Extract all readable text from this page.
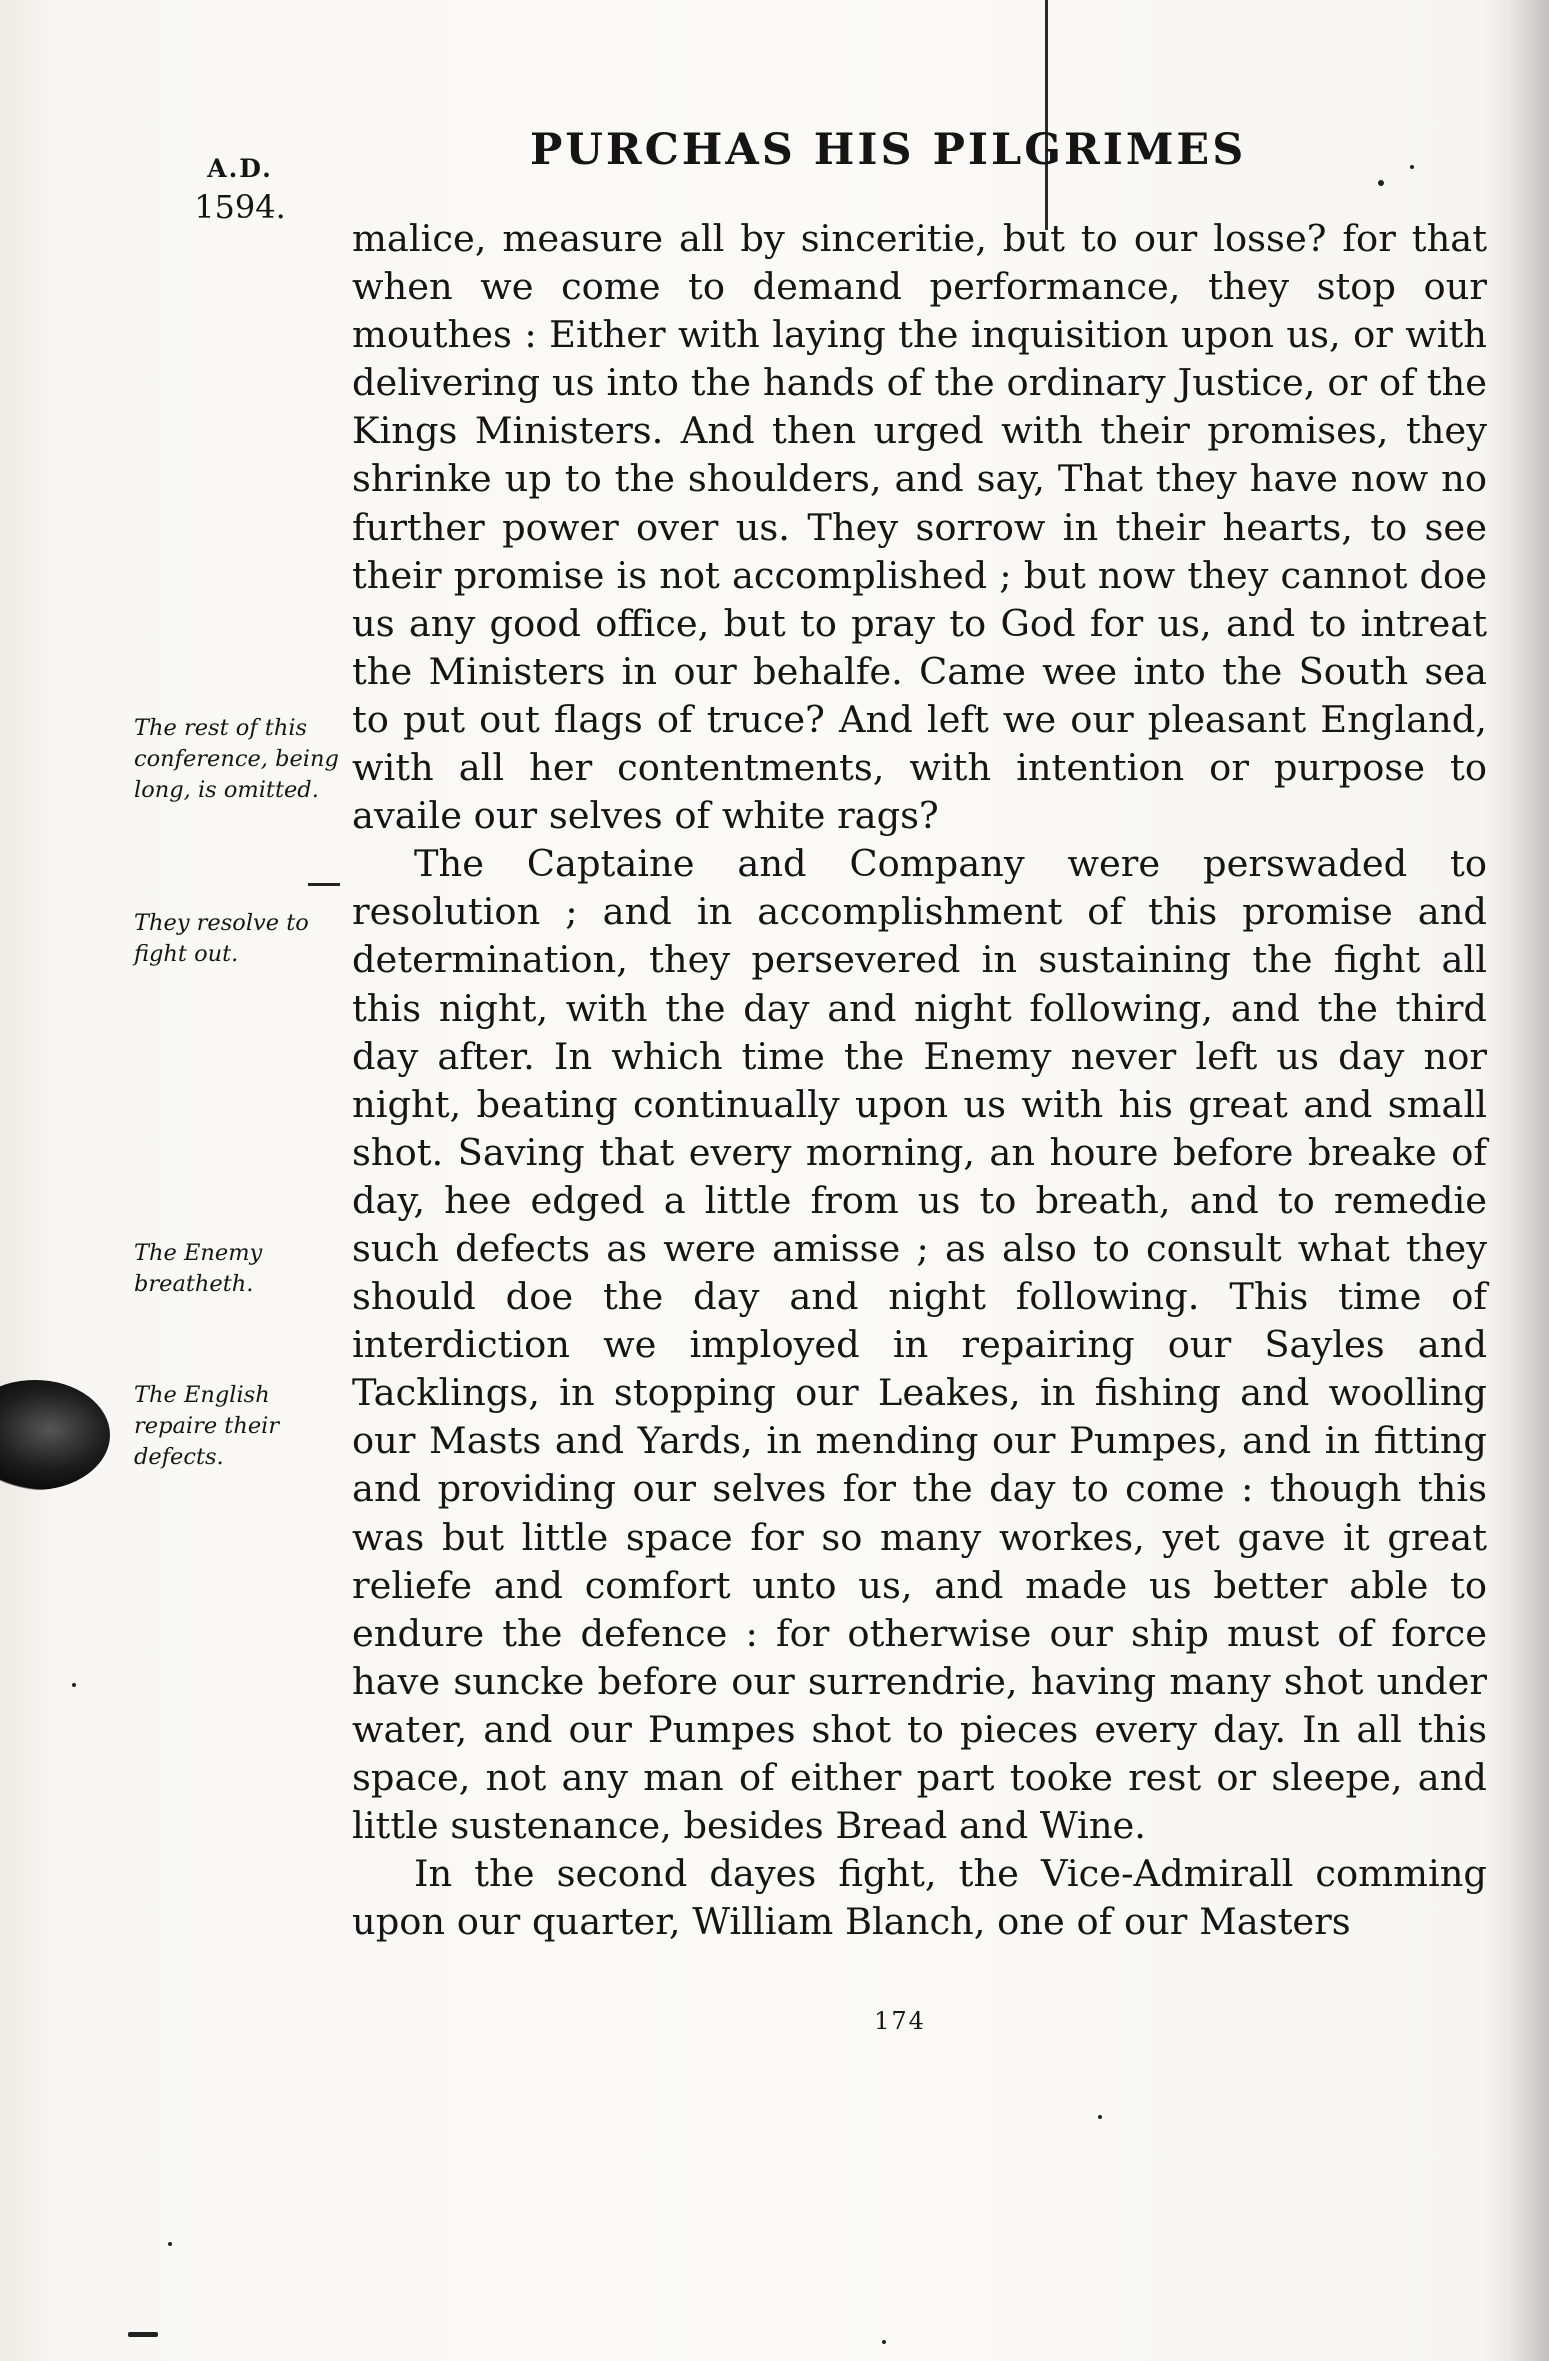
A.D.
1594.
PURCHAS HIS PILGRIMES

malice, measure all by sinceritie, but to our losse? for that when we come to demand performance, they stop our mouthes : Either with laying the inquisition upon us, or with delivering us into the hands of the ordinary Justice, or of the Kings Ministers. And then urged with their promises, they shrinke up to the shoulders, and say, That they have now no further power over us. They sorrow in their hearts, to see their promise is not accomplished ; but now they cannot doe us any good office, but to pray to God for us, and to intreat the Ministers in our behalfe. Came wee into the South sea to put out flags of truce? And left we our pleasant England, with all her contentments, with intention or purpose to availe our selves of white rags?

The Captaine and Company were perswaded to resolution ; and in accomplishment of this promise and determination, they persevered in sustaining the fight all this night, with the day and night following, and the third day after. In which time the Enemy never left us day nor night, beating continually upon us with his great and small shot. Saving that every morning, an houre before breake of day, hee edged a little from us to breath, and to remedie such defects as were amisse ; as also to consult what they should doe the day and night following. This time of interdiction we imployed in repairing our Sayles and Tacklings, in stopping our Leakes, in fishing and woolling our Masts and Yards, in mending our Pumpes, and in fitting and providing our selves for the day to come : though this was but little space for so many workes, yet gave it great reliefe and comfort unto us, and made us better able to endure the defence : for otherwise our ship must of force have suncke before our surrendrie, having many shot under water, and our Pumpes shot to pieces every day. In all this space, not any man of either part tooke rest or sleepe, and little sustenance, besides Bread and Wine.

In the second dayes fight, the Vice-Admirall comming upon our quarter, William Blanch, one of our Masters

The rest of this conference, being long, is omitted.
They resolve to fight out.
The Enemy breatheth.
The English repaire their defects.
174
